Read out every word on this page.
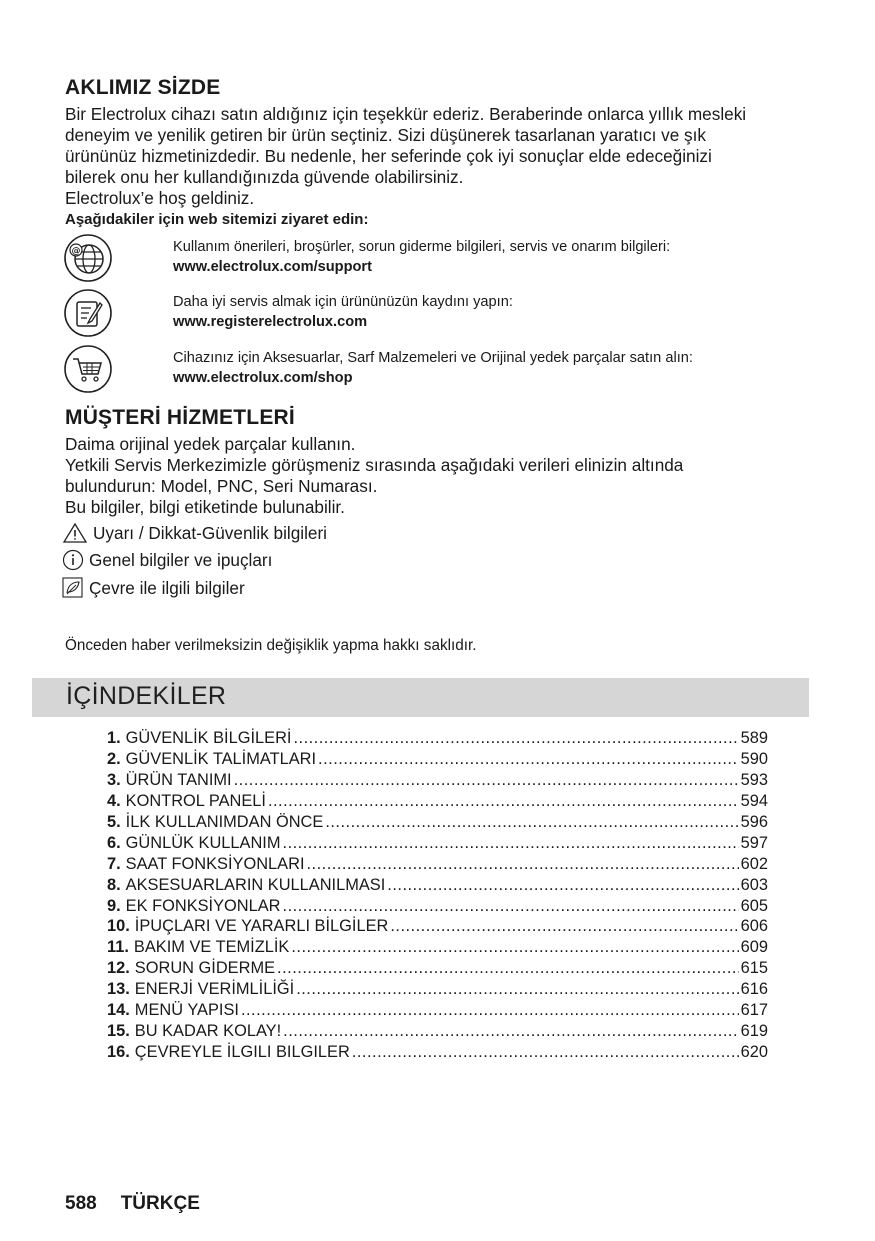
AKLIMIZ SİZDE
Bir Electrolux cihazı satın aldığınız için teşekkür ederiz. Beraberinde onlarca yıllık mesleki
deneyim ve yenilik getiren bir ürün seçtiniz. Sizi düşünerek tasarlanan yaratıcı ve şık
ürününüz hizmetinizdedir. Bu nedenle, her seferinde çok iyi sonuçlar elde edeceğinizi
bilerek onu her kullandığınızda güvende olabilirsiniz.
Electrolux’e hoş geldiniz.
Aşağıdakiler için web sitemizi ziyaret edin:
@	Kullanım önerileri, broşürler, sorun giderme bilgileri, servis ve onarım bilgileri:
www.electrolux.com/support
Daha iyi servis almak için ürününüzün kaydını yapın:
www.registerelectrolux.com
Cihazınız için Aksesuarlar, Sarf Malzemeleri ve Orijinal yedek parçalar satın alın:
www.electrolux.com/shop
MÜŞTERİ HİZMETLERİ
Daima orijinal yedek parçalar kullanın.
Yetkili Servis Merkezimizle görüşmeniz sırasında aşağıdaki verileri elinizin altında
bulundurun: Model, PNC, Seri Numarası.
Bu bilgiler, bilgi etiketinde bulunabilir.
Uyarı / Dikkat-Güvenlik bilgileri
Genel bilgiler ve ipuçları
Çevre ile ilgili bilgiler
Önceden haber verilmeksizin değişiklik yapma hakkı saklıdır.
İÇİNDEKİLER
1. GÜVENLİK BİLGİLERİ .....	589
2. GÜVENLİK TALİMATLARI .....	590
3. ÜRÜN TANIMI .....	593
4. KONTROL PANELİ .....	594
5. İLK KULLANIMDAN ÖNCE .....	596
6. GÜNLÜK KULLANIM .....	597
7. SAAT FONKSİYONLARI .....	602
8. AKSESUARLARIN KULLANILMASI .....	603
9. EK FONKSİYONLAR .....	605
10. İPUÇLARI VE YARARLI BİLGİLER .....	606
11. BAKIM VE TEMİZLİK .....	609
12. SORUN GİDERME .....	615
13. ENERJİ VERİMLİLİĞİ .....	616
14. MENÜ YAPISI .....	617
15. BU KADAR KOLAY! .....	619
16. ÇEVREYLE İLGILI BILGILER .....	620
588 TÜRKÇE
